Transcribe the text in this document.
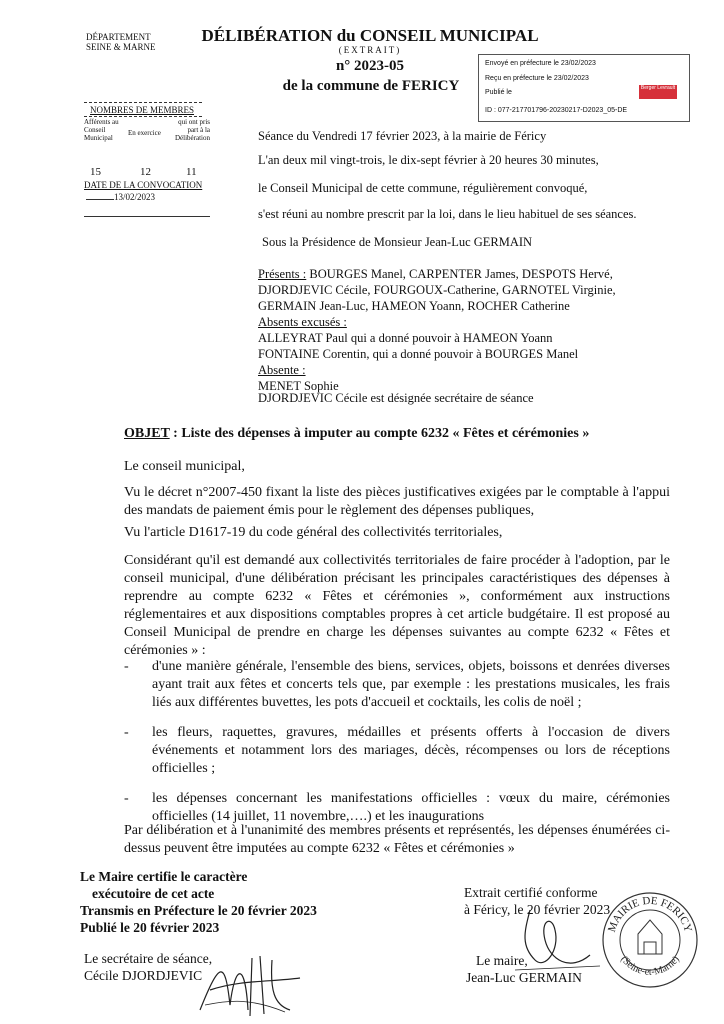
DÉPARTEMENT
SEINE & MARNE
DÉLIBÉRATION du CONSEIL MUNICIPAL
(EXTRAIT)
n° 2023-05
de la commune de FERICY
Envoyé en préfecture le 23/02/2023
Reçu en préfecture le 23/02/2023
Publié le
Berger Levrault
ID : 077-217701796-20230217-D2023_05-DE
NOMBRES DE MEMBRES
Afférents au Conseil Municipal
En exercice
qui ont pris part à la Délibération
15	12	11
DATE DE LA CONVOCATION
13/02/2023
Séance du Vendredi 17 février 2023, à la mairie de Féricy
L'an deux mil vingt-trois, le dix-sept février à 20 heures 30 minutes,
le Conseil Municipal de cette commune, régulièrement convoqué,
s'est réuni au nombre prescrit par la loi, dans le lieu habituel de ses séances.
Sous la Présidence de Monsieur Jean-Luc GERMAIN
Présents : BOURGES Manel, CARPENTER James, DESPOTS Hervé, DJORDJEVIC Cécile, FOURGOUX-Catherine, GARNOTEL Virginie, GERMAIN Jean-Luc, HAMEON Yoann, ROCHER Catherine
Absents excusés :
ALLEYRAT Paul qui a donné pouvoir à HAMEON Yoann
FONTAINE Corentin, qui a donné pouvoir à BOURGES Manel
Absente :
MENET Sophie
DJORDJEVIC Cécile est désignée secrétaire de séance
OBJET : Liste des dépenses à imputer au compte 6232 « Fêtes et cérémonies »
Le conseil municipal,
Vu le décret n°2007-450 fixant la liste des pièces justificatives exigées par le comptable à l'appui des mandats de paiement émis pour le règlement des dépenses publiques,
Vu l'article D1617-19 du code général des collectivités territoriales,
Considérant qu'il est demandé aux collectivités territoriales de faire procéder à l'adoption, par le conseil municipal, d'une délibération précisant les principales caractéristiques des dépenses à reprendre au compte 6232 « Fêtes et cérémonies », conformément aux instructions réglementaires et aux dispositions comptables propres à cet article budgétaire. Il est proposé au Conseil Municipal de prendre en charge les dépenses suivantes au compte 6232 « Fêtes et cérémonies » :
- d'une manière générale, l'ensemble des biens, services, objets, boissons et denrées diverses ayant trait aux fêtes et concerts tels que, par exemple : les prestations musicales, les frais liés aux différentes buvettes, les pots d'accueil et cocktails, les colis de noël ;
- les fleurs, raquettes, gravures, médailles et présents offerts à l'occasion de divers événements et notamment lors des mariages, décès, récompenses ou lors de réceptions officielles ;
- les dépenses concernant les manifestations officielles : vœux du maire, cérémonies officielles (14 juillet, 11 novembre,….) et les inaugurations
Par délibération et à l'unanimité des membres présents et représentés, les dépenses énumérées ci-dessus peuvent être imputées au compte 6232 « Fêtes et cérémonies »
Le Maire certifie le caractère
exécutoire de cet acte
Transmis en Préfecture le 20 février 2023
Publié le 20 février 2023
Extrait certifié conforme
à Féricy, le 20 février 2023
Le secrétaire de séance,
Cécile DJORDJEVIC
Le maire,
Jean-Luc GERMAIN
MAIRIE DE FERICY
(Seine-et-Marne)
